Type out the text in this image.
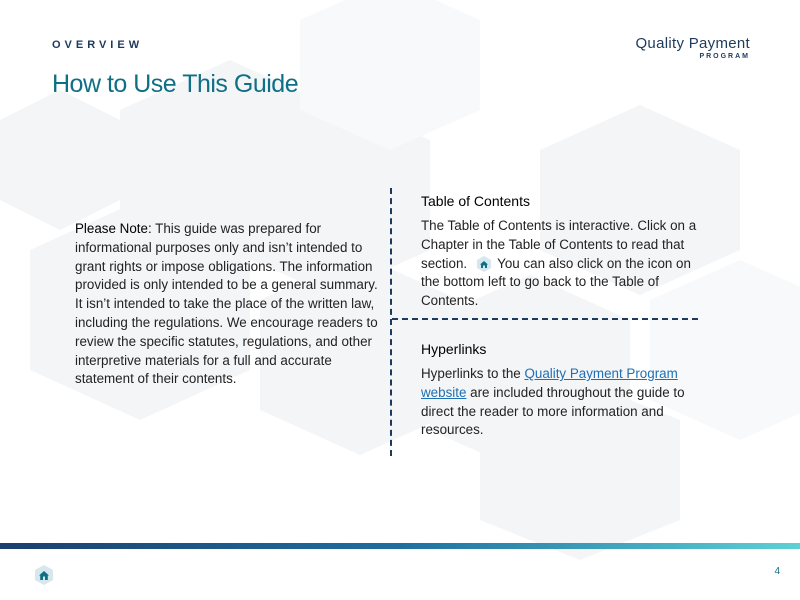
OVERVIEW
How to Use This Guide
Quality Payment
PROGRAM

Please Note: This guide was prepared for informational purposes only and isn’t intended to grant rights or impose obligations. The information provided is only intended to be a general summary. It isn’t intended to take the place of the written law, including the regulations. We encourage readers to review the specific statutes, regulations, and other interpretive materials for a full and accurate statement of their contents.

Table of Contents

The Table of Contents is interactive. Click on a Chapter in the Table of Contents to read that section. You can also click on the icon on the bottom left to go back to the Table of Contents.

Hyperlinks

Hyperlinks to the Quality Payment Program website are included throughout the guide to direct the reader to more information and resources.

4
